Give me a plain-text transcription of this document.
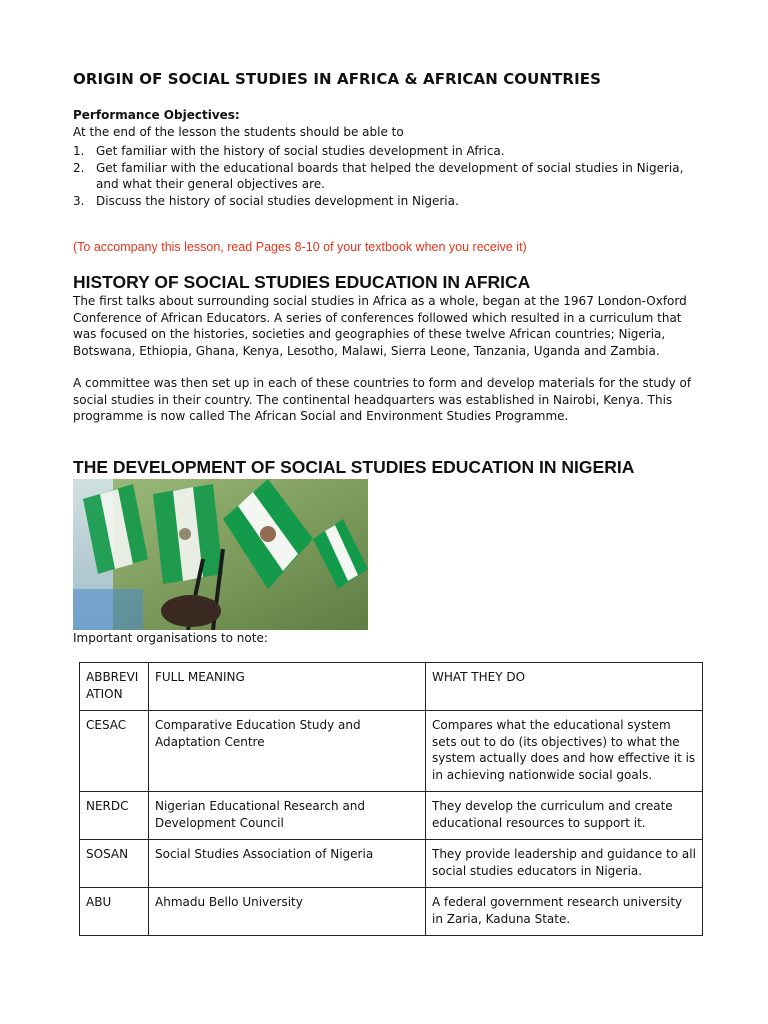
ORIGIN OF SOCIAL STUDIES IN AFRICA & AFRICAN COUNTRIES
Performance Objectives:
At the end of the lesson the students should be able to
1. Get familiar with the history of social studies development in Africa.
2. Get familiar with the educational boards that helped the development of social studies in Nigeria, and what their general objectives are.
3. Discuss the history of social studies development in Nigeria.
(To accompany this lesson, read Pages 8-10 of your textbook when you receive it)
HISTORY OF SOCIAL STUDIES EDUCATION IN AFRICA

The first talks about surrounding social studies in Africa as a whole, began at the 1967 London-Oxford Conference of African Educators. A series of conferences followed which resulted in a curriculum that was focused on the histories, societies and geographies of these twelve African countries; Nigeria, Botswana, Ethiopia, Ghana, Kenya, Lesotho, Malawi, Sierra Leone, Tanzania, Uganda and Zambia.

A committee was then set up in each of these countries to form and develop materials for the study of social studies in their country. The continental headquarters was established in Nairobi, Kenya. This programme is now called The African Social and Environment Studies Programme.

THE DEVELOPMENT OF SOCIAL STUDIES EDUCATION IN NIGERIA
Important organisations to note:
ABBREVIATION	FULL MEANING	WHAT THEY DO
CESAC	Comparative Education Study and Adaptation Centre	Compares what the educational system sets out to do (its objectives) to what the system actually does and how effective it is in achieving nationwide social goals.
NERDC	Nigerian Educational Research and Development Council	They develop the curriculum and create educational resources to support it.
SOSAN	Social Studies Association of Nigeria	They provide leadership and guidance to all social studies educators in Nigeria.
ABU	Ahmadu Bello University	A federal government research university in Zaria, Kaduna State.
